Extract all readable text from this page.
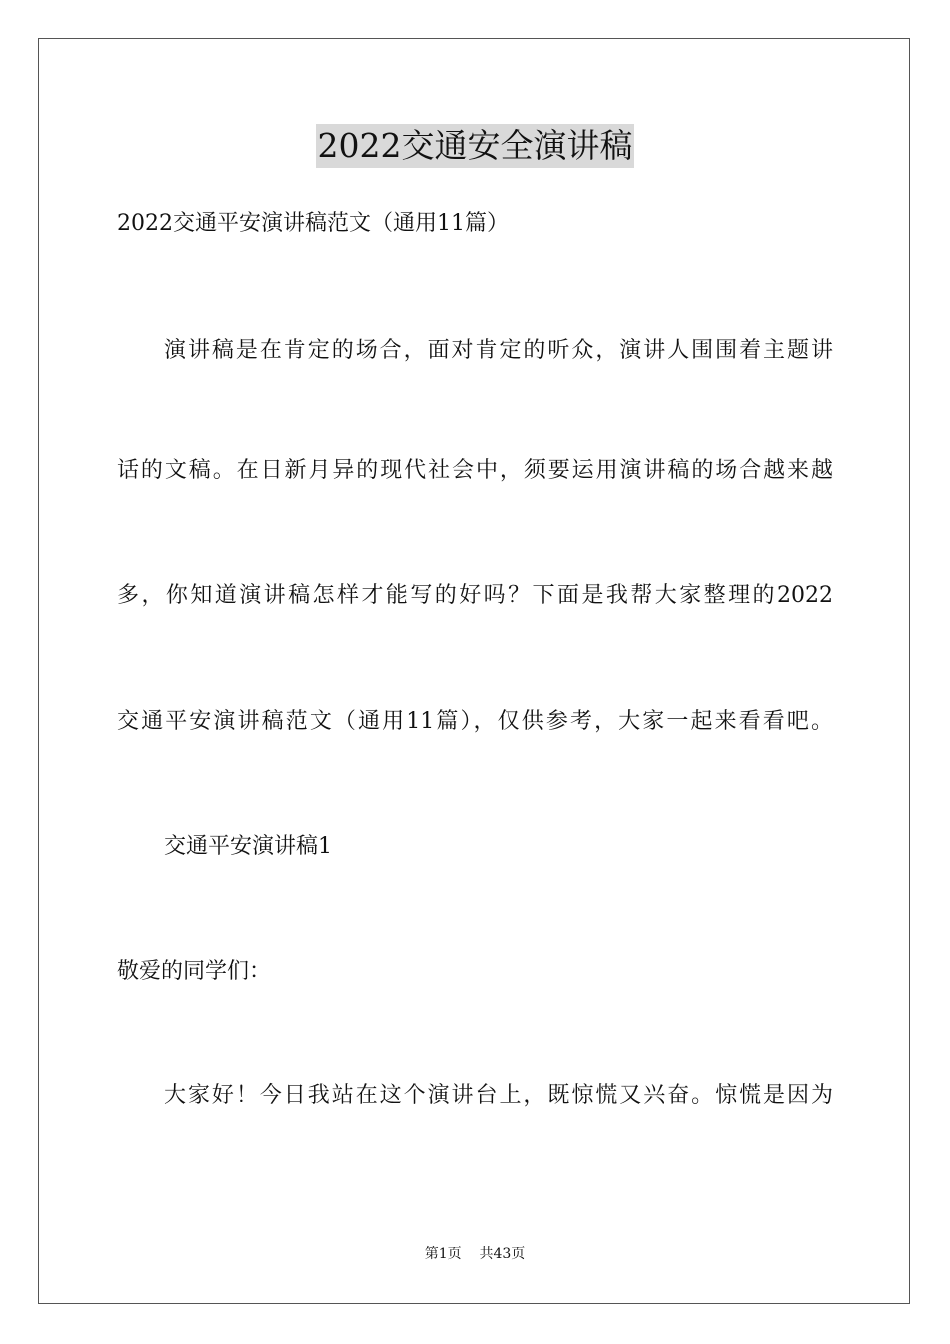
2022交通安全演讲稿
2022交通平安演讲稿范文（通用11篇）
演讲稿是在肯定的场合，面对肯定的听众，演讲人围围着主题讲
话的文稿。在日新月异的现代社会中，须要运用演讲稿的场合越来越
多，你知道演讲稿怎样才能写的好吗？下面是我帮大家整理的2022
交通平安演讲稿范文（通用11篇），仅供参考，大家一起来看看吧。
交通平安演讲稿1
敬爱的同学们：
大家好！今日我站在这个演讲台上，既惊慌又兴奋。惊慌是因为
第1页    共43页
